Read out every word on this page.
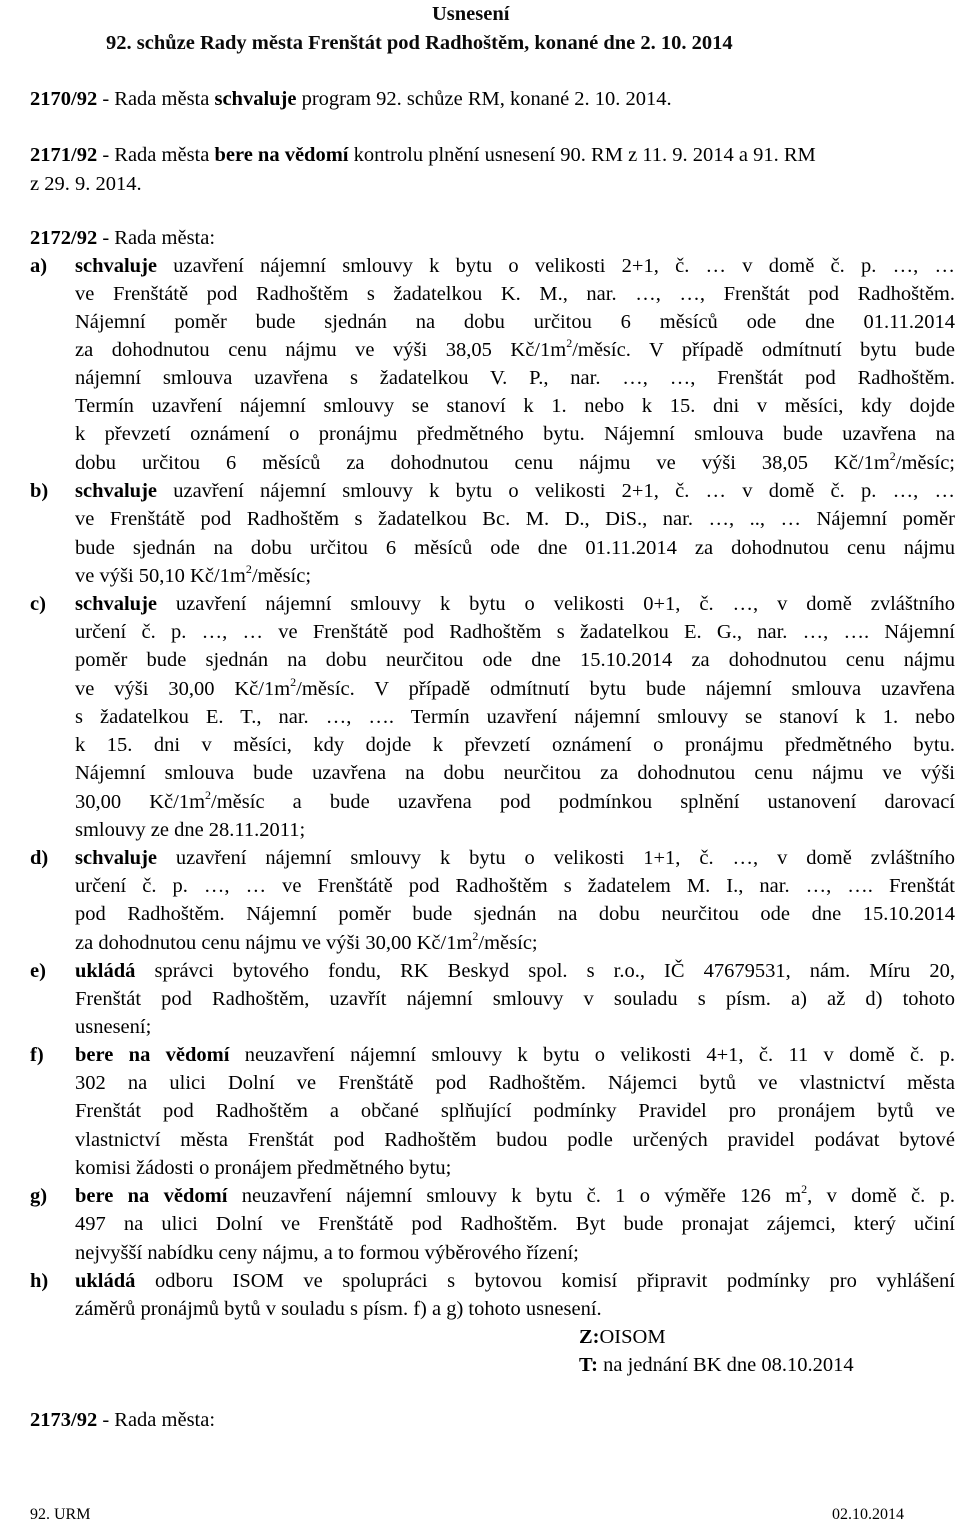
Usnesení
92. schůze Rady města Frenštát pod Radhoštěm, konané dne 2. 10. 2014
2170/92 - Rada města schvaluje program 92. schůze RM, konané 2. 10. 2014.
2171/92 - Rada města bere na vědomí kontrolu plnění usnesení 90. RM z 11. 9. 2014 a 91. RM
z 29. 9. 2014.
2172/92 - Rada města:
a) schvaluje uzavření nájemní smlouvy k bytu o velikosti 2+1, č. … v domě č. p. …, …
ve Frenštátě pod Radhoštěm s žadatelkou K. M., nar. …, …, Frenštát pod Radhoštěm.
Nájemní poměr bude sjednán na dobu určitou 6 měsíců ode dne 01.11.2014
za dohodnutou cenu nájmu ve výši 38,05 $Kč/1m^2$/měsíc. V případě odmítnutí bytu bude
nájemní smlouva uzavřena s žadatelkou V. P., nar. …, …, Frenštát pod Radhoštěm.
Termín uzavření nájemní smlouvy se stanoví k 1. nebo k 15. dni v měsíci, kdy dojde
k převzetí oznámení o pronájmu předmětného bytu. Nájemní smlouva bude uzavřena na
dobu určitou 6 měsíců za dohodnutou cenu nájmu ve výši 38,05 $Kč/1m^2$/měsíc;
b) schvaluje uzavření nájemní smlouvy k bytu o velikosti 2+1, č. … v domě č. p. …, …
ve Frenštátě pod Radhoštěm s žadatelkou Bc. M. D., DiS., nar. …, .., … Nájemní poměr
bude sjednán na dobu určitou 6 měsíců ode dne 01.11.2014 za dohodnutou cenu nájmu
ve výši 50,10 $Kč/1m^2$/měsíc;
c) schvaluje uzavření nájemní smlouvy k bytu o velikosti 0+1, č. …, v domě zvláštního
určení č. p. …, … ve Frenštátě pod Radhoštěm s žadatelkou E. G., nar. …, …. Nájemní
poměr bude sjednán na dobu neurčitou ode dne 15.10.2014 za dohodnutou cenu nájmu
ve výši 30,00 $Kč/1m^2$/měsíc. V případě odmítnutí bytu bude nájemní smlouva uzavřena
s žadatelkou E. T., nar. …, …. Termín uzavření nájemní smlouvy se stanoví k 1. nebo
k 15. dni v měsíci, kdy dojde k převzetí oznámení o pronájmu předmětného bytu.
Nájemní smlouva bude uzavřena na dobu neurčitou za dohodnutou cenu nájmu ve výši
30,00 $Kč/1m^2$/měsíc a bude uzavřena pod podmínkou splnění ustanovení darovací
smlouvy ze dne 28.11.2011;
d) schvaluje uzavření nájemní smlouvy k bytu o velikosti 1+1, č. …, v domě zvláštního
určení č. p. …, … ve Frenštátě pod Radhoštěm s žadatelem M. I., nar. …, …. Frenštát
pod Radhoštěm. Nájemní poměr bude sjednán na dobu neurčitou ode dne 15.10.2014
za dohodnutou cenu nájmu ve výši 30,00 $Kč/1m^2$/měsíc;
e) ukládá správci bytového fondu, RK Beskyd spol. s r.o., IČ 47679531, nám. Míru 20,
Frenštát pod Radhoštěm, uzavřít nájemní smlouvy v souladu s písm. a) až d) tohoto
usnesení;
f) bere na vědomí neuzavření nájemní smlouvy k bytu o velikosti 4+1, č. 11 v domě č. p.
302 na ulici Dolní ve Frenštátě pod Radhoštěm. Nájemci bytů ve vlastnictví města
Frenštát pod Radhoštěm a občané splňující podmínky Pravidel pro pronájem bytů ve
vlastnictví města Frenštát pod Radhoštěm budou podle určených pravidel podávat bytové
komisi žádosti o pronájem předmětného bytu;
g) bere na vědomí neuzavření nájemní smlouvy k bytu č. 1 o výměře 126 $m^2$, v domě č. p.
497 na ulici Dolní ve Frenštátě pod Radhoštěm. Byt bude pronajat zájemci, který učiní
nejvyšší nabídku ceny nájmu, a to formou výběrového řízení;
h) ukládá odboru ISOM ve spolupráci s bytovou komisí připravit podmínky pro vyhlášení
záměrů pronájmů bytů v souladu s písm. f) a g) tohoto usnesení.
Z:OISOM
T: na jednání BK dne 08.10.2014
2173/92 - Rada města:
92. URM	02.10.2014
